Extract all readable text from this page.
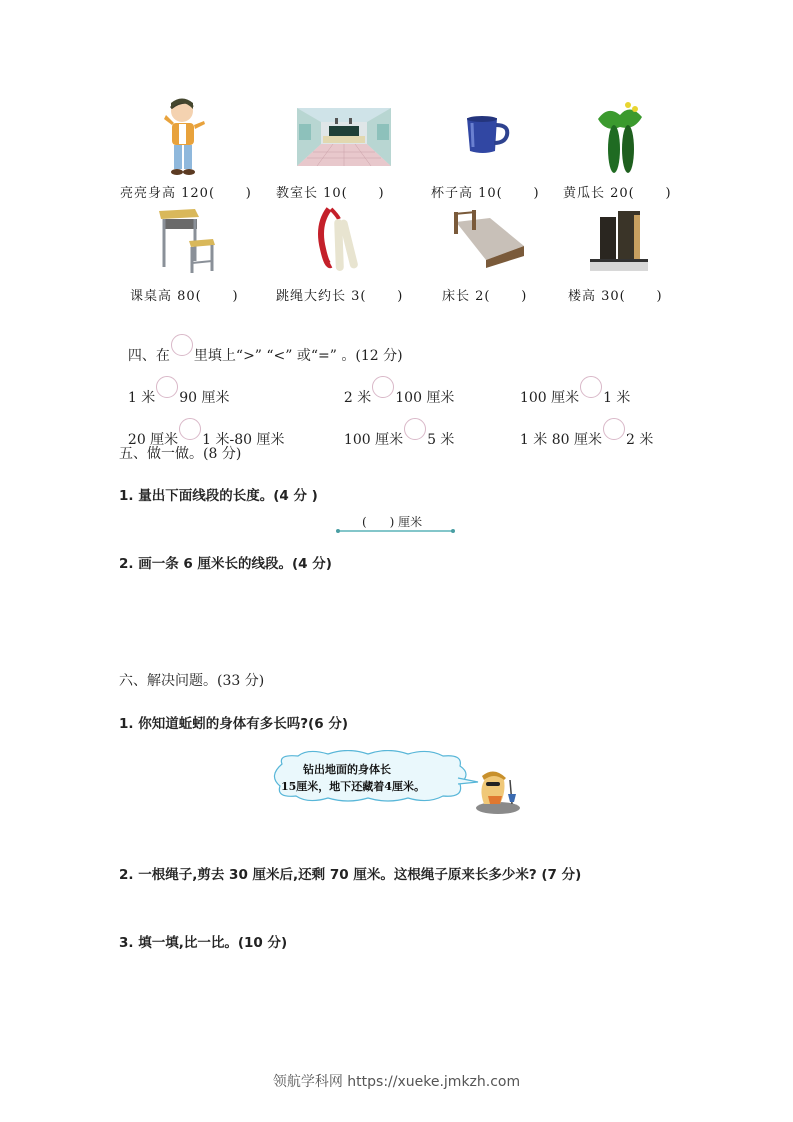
亮亮身高 120(      ) 教室长 10(      )	杯子高 10(      ) 黄瓜长 20(      )
课桌高 80(      )	跳绳大约长 3(      )	床长 2(      )	楼高 30(      )

四、在 里填上“>” “<” 或“=” 。(12 分)

1 米 90 厘米	2 米 100 厘米	100 厘米 1 米

20 厘米 1 米-80 厘米	100 厘米 5 米	1 米 80 厘米 2 米

五、做一做。(8 分)
1. 量出下面线段的长度。(4 分 )
(      ) 厘米
2. 画一条 6 厘米长的线段。(4 分)
六、解决问题。(33 分)
1. 你知道蚯蚓的身体有多长吗?(6 分)
钻出地面的身体长
15厘米，地下还藏着4厘米。
2. 一根绳子,剪去 30 厘米后,还剩 70 厘米。这根绳子原来长多少米? (7 分)
3. 填一填,比一比。(10 分)
领航学科网 https://xueke.jmkzh.com
